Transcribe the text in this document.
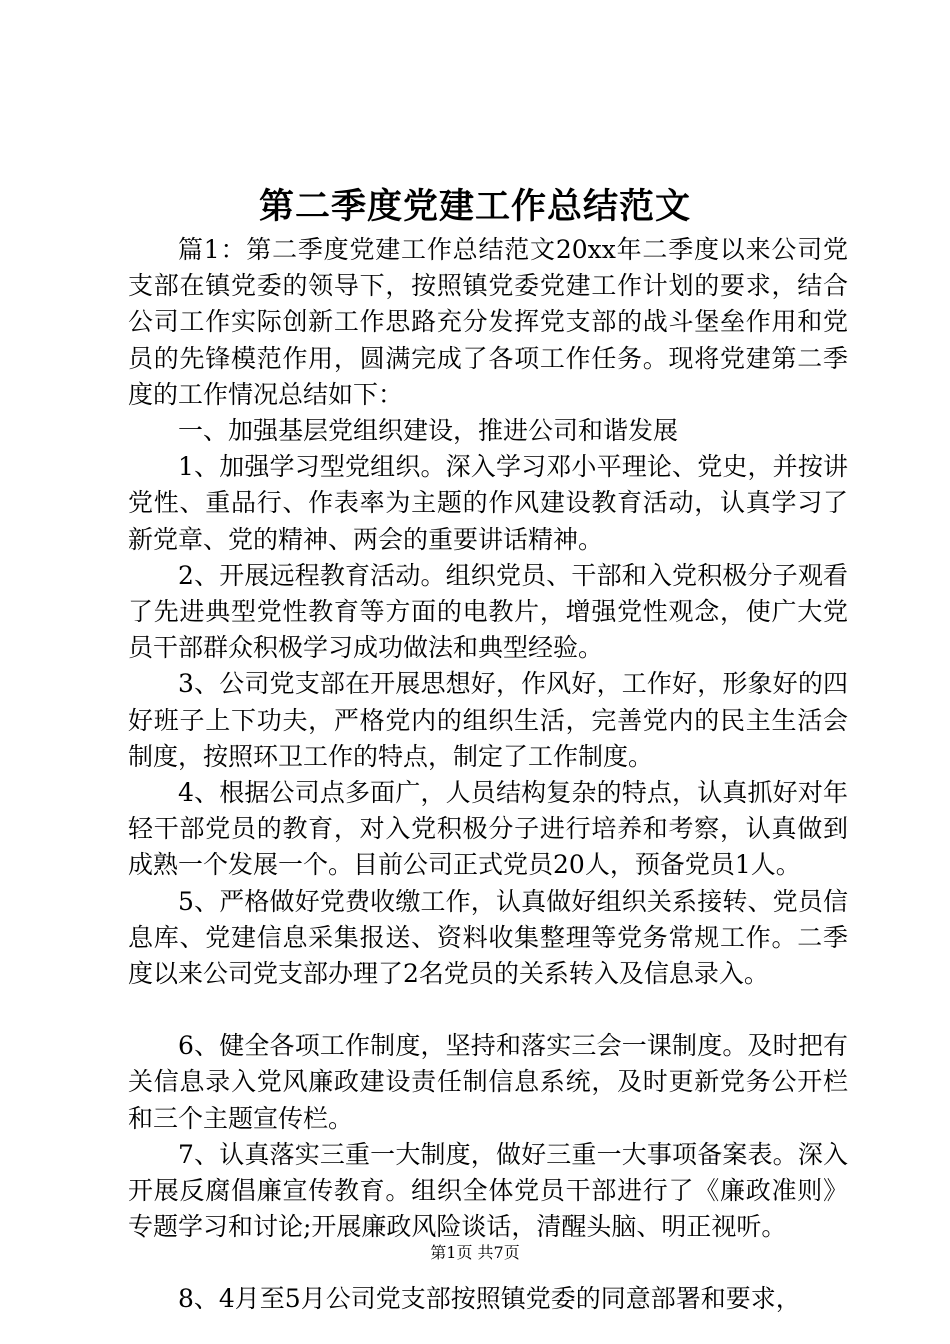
第二季度党建工作总结范文

篇1：第二季度党建工作总结范文20xx年二季度以来公司党支部在镇党委的领导下，按照镇党委党建工作计划的要求，结合公司工作实际创新工作思路充分发挥党支部的战斗堡垒作用和党员的先锋模范作用，圆满完成了各项工作任务。现将党建第二季度的工作情况总结如下：

一、加强基层党组织建设，推进公司和谐发展

1、加强学习型党组织。深入学习邓小平理论、党史，并按讲党性、重品行、作表率为主题的作风建设教育活动，认真学习了新党章、党的精神、两会的重要讲话精神。

2、开展远程教育活动。组织党员、干部和入党积极分子观看了先进典型党性教育等方面的电教片，增强党性观念，使广大党员干部群众积极学习成功做法和典型经验。

3、公司党支部在开展思想好，作风好，工作好，形象好的四好班子上下功夫，严格党内的组织生活，完善党内的民主生活会制度，按照环卫工作的特点，制定了工作制度。

4、根据公司点多面广，人员结构复杂的特点，认真抓好对年轻干部党员的教育，对入党积极分子进行培养和考察，认真做到成熟一个发展一个。目前公司正式党员20人，预备党员1人。

5、严格做好党费收缴工作，认真做好组织关系接转、党员信息库、党建信息采集报送、资料收集整理等党务常规工作。二季度以来公司党支部办理了2名党员的关系转入及信息录入。

6、健全各项工作制度，坚持和落实三会一课制度。及时把有关信息录入党风廉政建设责任制信息系统，及时更新党务公开栏和三个主题宣传栏。

7、认真落实三重一大制度，做好三重一大事项备案表。深入开展反腐倡廉宣传教育。组织全体党员干部进行了《廉政准则》专题学习和讨论;开展廉政风险谈话，清醒头脑、明正视听。

8、4月至5月公司党支部按照镇党委的同意部署和要求，

第1页 共7页
